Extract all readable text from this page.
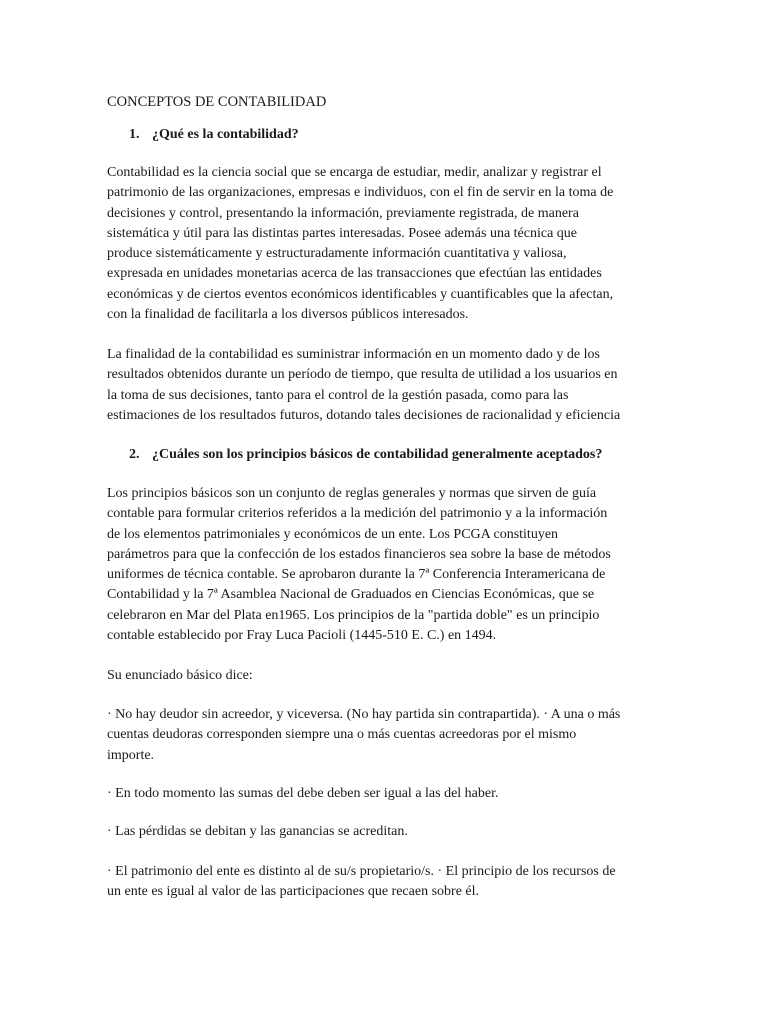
CONCEPTOS DE CONTABILIDAD
1. ¿Qué es la contabilidad?
Contabilidad es la ciencia social que se encarga de estudiar, medir, analizar y registrar el
patrimonio de las organizaciones, empresas e individuos, con el fin de servir en la toma de
decisiones y control, presentando la información, previamente registrada, de manera
sistemática y útil para las distintas partes interesadas. Posee además una técnica que
produce sistemáticamente y estructuradamente información cuantitativa y valiosa,
expresada en unidades monetarias acerca de las transacciones que efectúan las entidades
económicas y de ciertos eventos económicos identificables y cuantificables que la afectan,
con la finalidad de facilitarla a los diversos públicos interesados.
La finalidad de la contabilidad es suministrar información en un momento dado y de los
resultados obtenidos durante un período de tiempo, que resulta de utilidad a los usuarios en
la toma de sus decisiones, tanto para el control de la gestión pasada, como para las
estimaciones de los resultados futuros, dotando tales decisiones de racionalidad y eficiencia
2. ¿Cuáles son los principios básicos de contabilidad generalmente aceptados?
Los principios básicos son un conjunto de reglas generales y normas que sirven de guía
contable para formular criterios referidos a la medición del patrimonio y a la información
de los elementos patrimoniales y económicos de un ente. Los PCGA constituyen
parámetros para que la confección de los estados financieros sea sobre la base de métodos
uniformes de técnica contable. Se aprobaron durante la 7ª Conferencia Interamericana de
Contabilidad y la 7ª Asamblea Nacional de Graduados en Ciencias Económicas, que se
celebraron en Mar del Plata en1965. Los principios de la "partida doble" es un principio
contable establecido por Fray Luca Pacioli (1445-510 E. C.) en 1494.
Su enunciado básico dice:
· No hay deudor sin acreedor, y viceversa. (No hay partida sin contrapartida). · A una o más
cuentas deudoras corresponden siempre una o más cuentas acreedoras por el mismo
importe.
· En todo momento las sumas del debe deben ser igual a las del haber.
· Las pérdidas se debitan y las ganancias se acreditan.
· El patrimonio del ente es distinto al de su/s propietario/s. · El principio de los recursos de
un ente es igual al valor de las participaciones que recaen sobre él.
